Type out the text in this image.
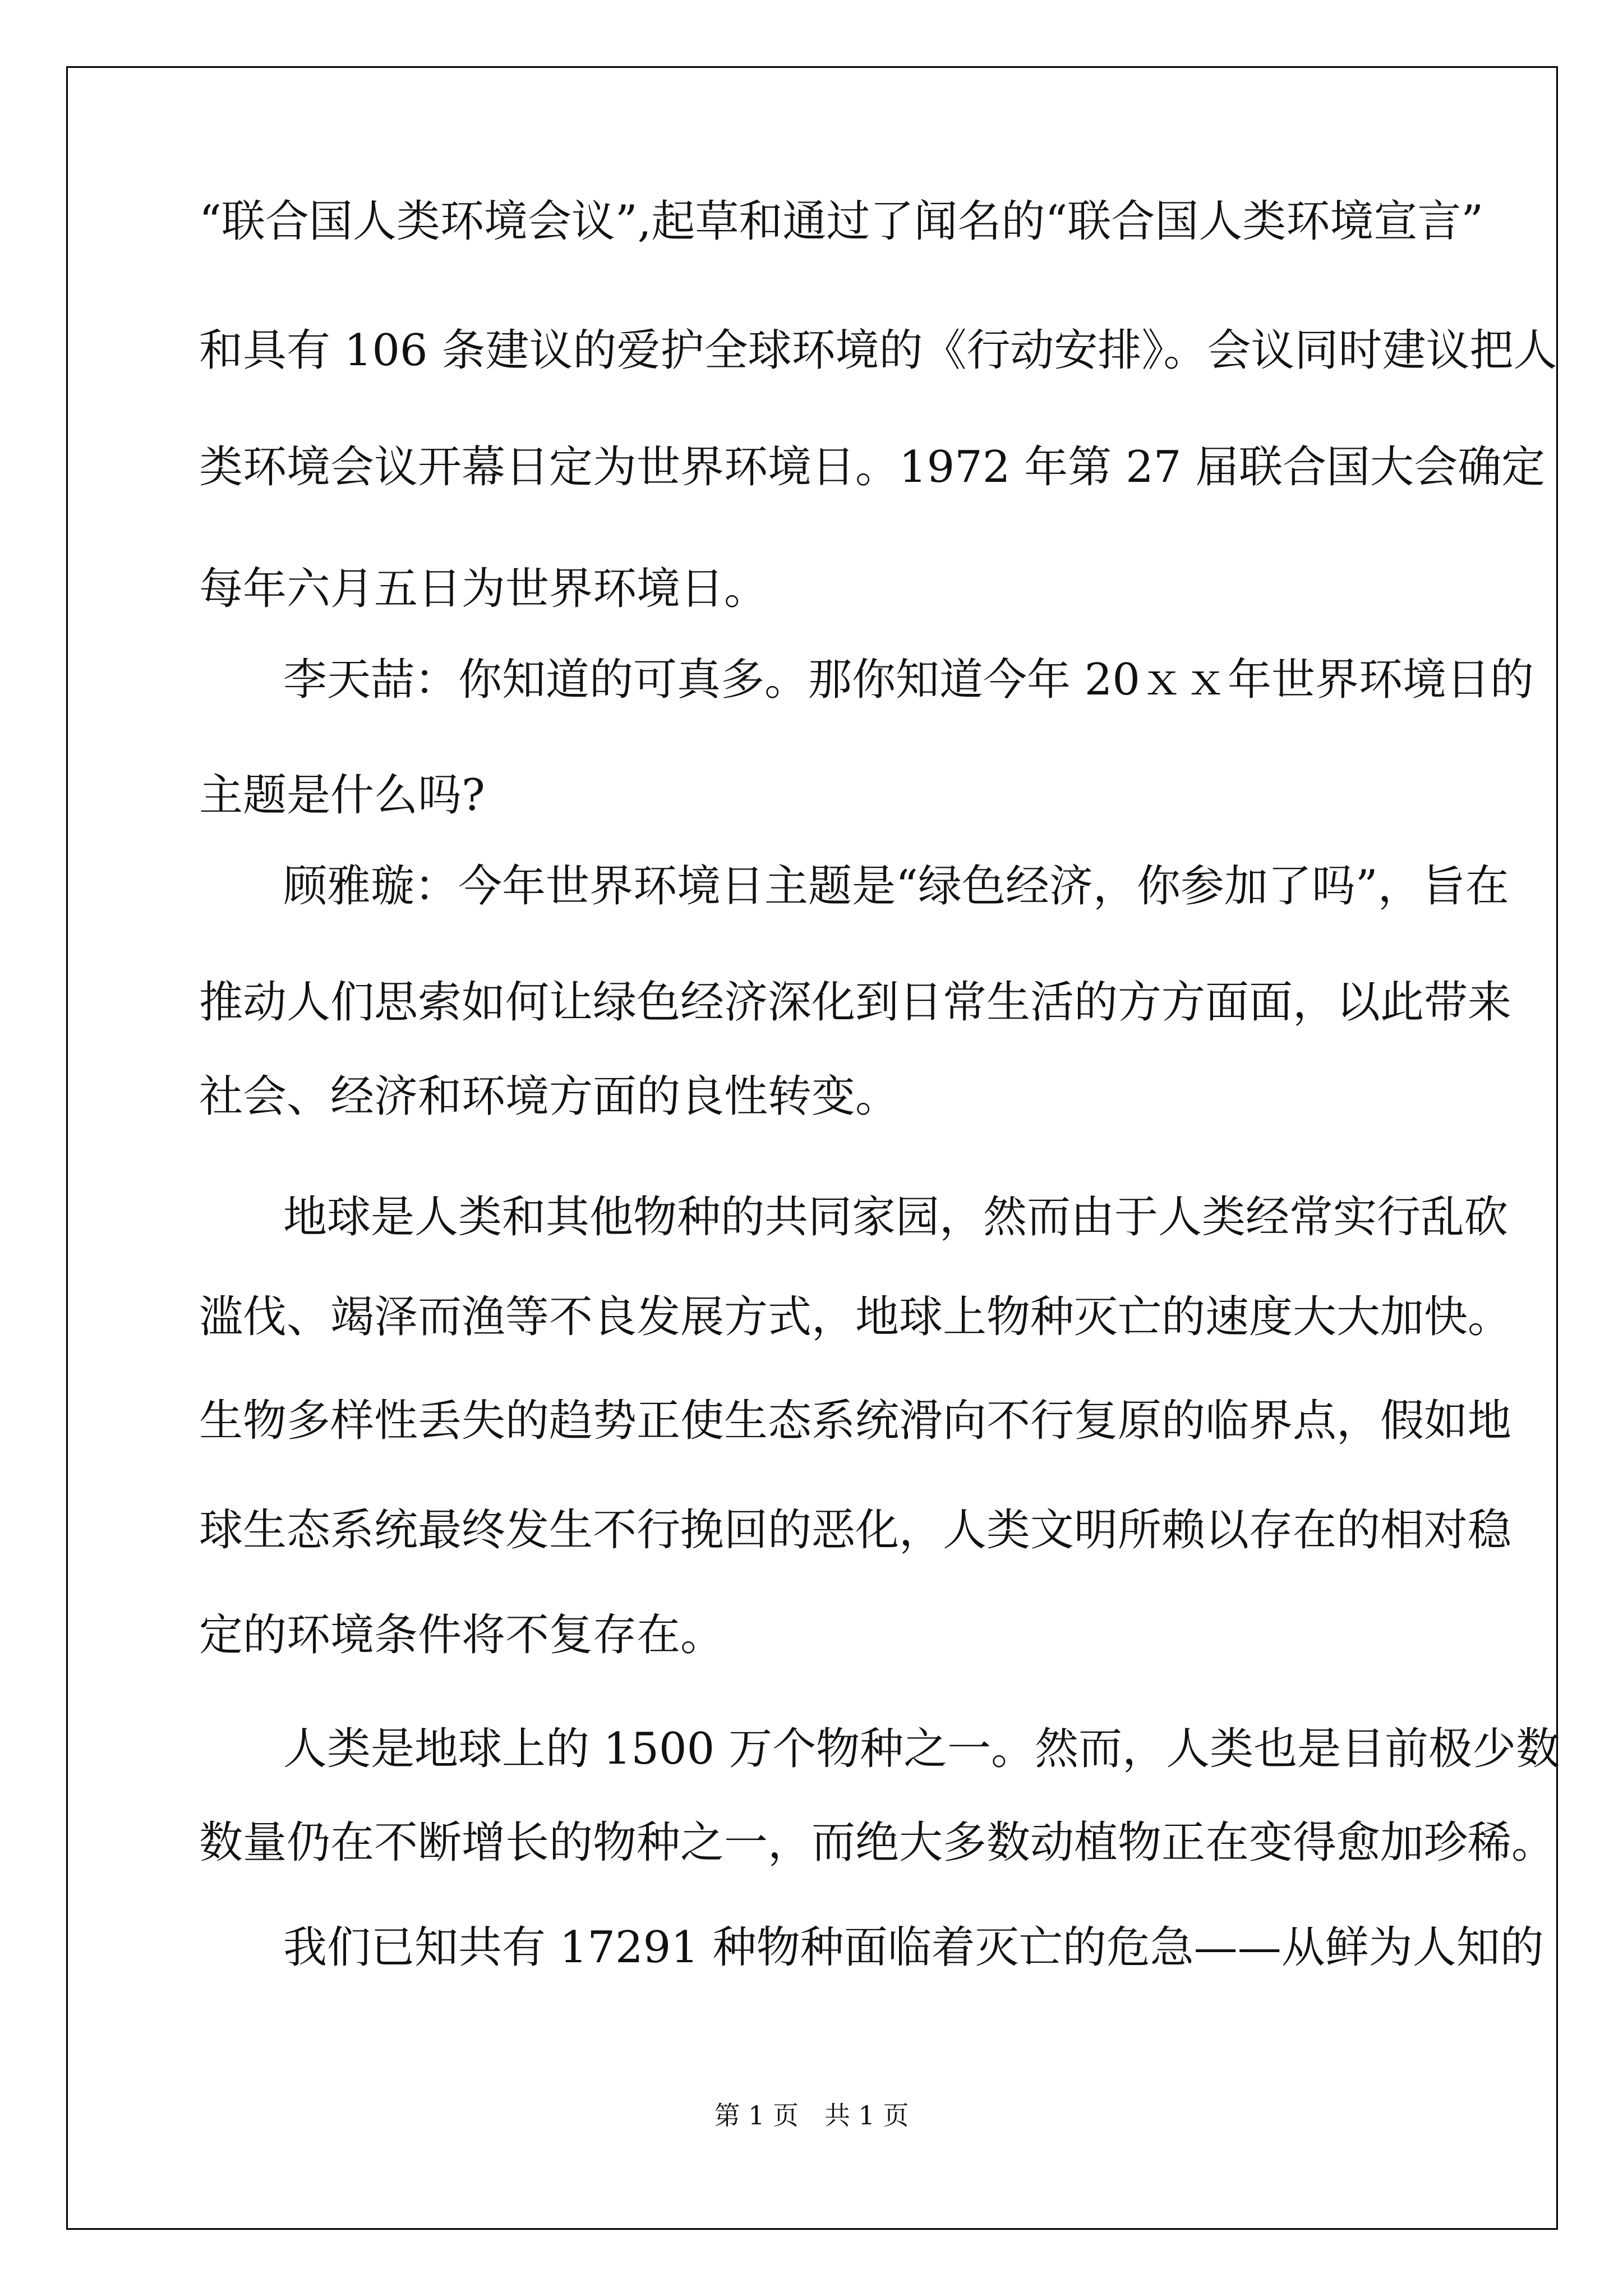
“联合国人类环境会议”,起草和通过了闻名的“联合国人类环境宣言”
和具有 106 条建议的爱护全球环境的《行动安排》。会议同时建议把人
类环境会议开幕日定为世界环境日。1972 年第 27 届联合国大会确定
每年六月五日为世界环境日。
李天喆：你知道的可真多。那你知道今年 20ｘｘ年世界环境日的
主题是什么吗?
顾雅璇：今年世界环境日主题是“绿色经济，你参加了吗”，旨在
推动人们思索如何让绿色经济深化到日常生活的方方面面，以此带来
社会、经济和环境方面的良性转变。
地球是人类和其他物种的共同家园，然而由于人类经常实行乱砍
滥伐、竭泽而渔等不良发展方式，地球上物种灭亡的速度大大加快。
生物多样性丢失的趋势正使生态系统滑向不行复原的临界点，假如地
球生态系统最终发生不行挽回的恶化，人类文明所赖以存在的相对稳
定的环境条件将不复存在。
人类是地球上的 1500 万个物种之一。然而，人类也是目前极少数
数量仍在不断增长的物种之一，而绝大多数动植物正在变得愈加珍稀。
我们已知共有 17291 种物种面临着灭亡的危急——从鲜为人知的
第 1 页　共 1 页
